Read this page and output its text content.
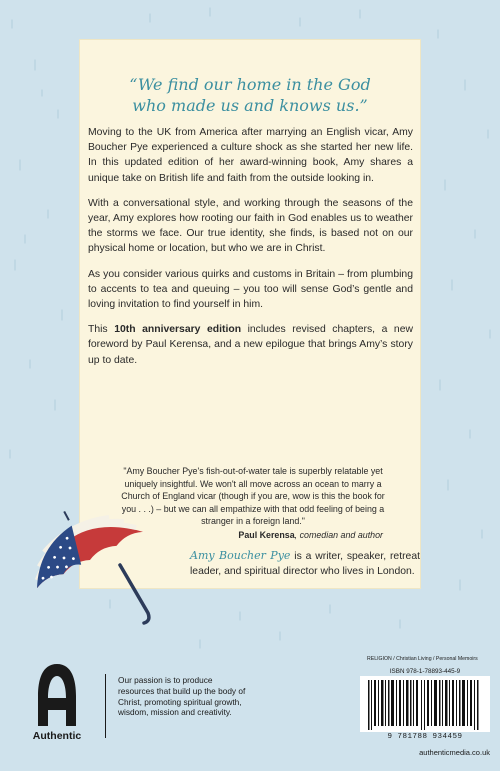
“We find our home in the God
who made us and knows us.”

Moving to the UK from America after marrying an English vicar, Amy Boucher Pye experienced a culture shock as she started her new life. In this updated edition of her award-winning book, Amy shares a unique take on British life and faith from the outside looking in.

With a conversational style, and working through the seasons of the year, Amy explores how rooting our faith in God enables us to weather the storms we face. Our true identity, she finds, is based not on our physical home or location, but who we are in Christ.

As you consider various quirks and customs in Britain – from plumbing to accents to tea and queuing – you too will sense God’s gentle and loving invitation to find yourself in him.

This 10th anniversary edition includes revised chapters, a new foreword by Paul Kerensa, and a new epilogue that brings Amy’s story up to date.

"Amy Boucher Pye's fish-out-of-water tale is superbly relatable yet uniquely insightful. We won't all move across an ocean to marry a Church of England vicar (though if you are, wow is this the book for you . . .) – but we can all empathize with that odd feeling of being a stranger in a foreign land."
Paul Kerensa, comedian and author
Amy Boucher Pye is a writer, speaker, retreat leader, and spiritual director who lives in London.
Authentic
Our passion is to produce resources that build up the body of Christ, promoting spiritual growth, wisdom, mission and creativity.
RELIGION / Christian Living / Personal Memoirs
ISBN 978-1-78893-445-9
9 781788 934459
authenticmedia.co.uk
